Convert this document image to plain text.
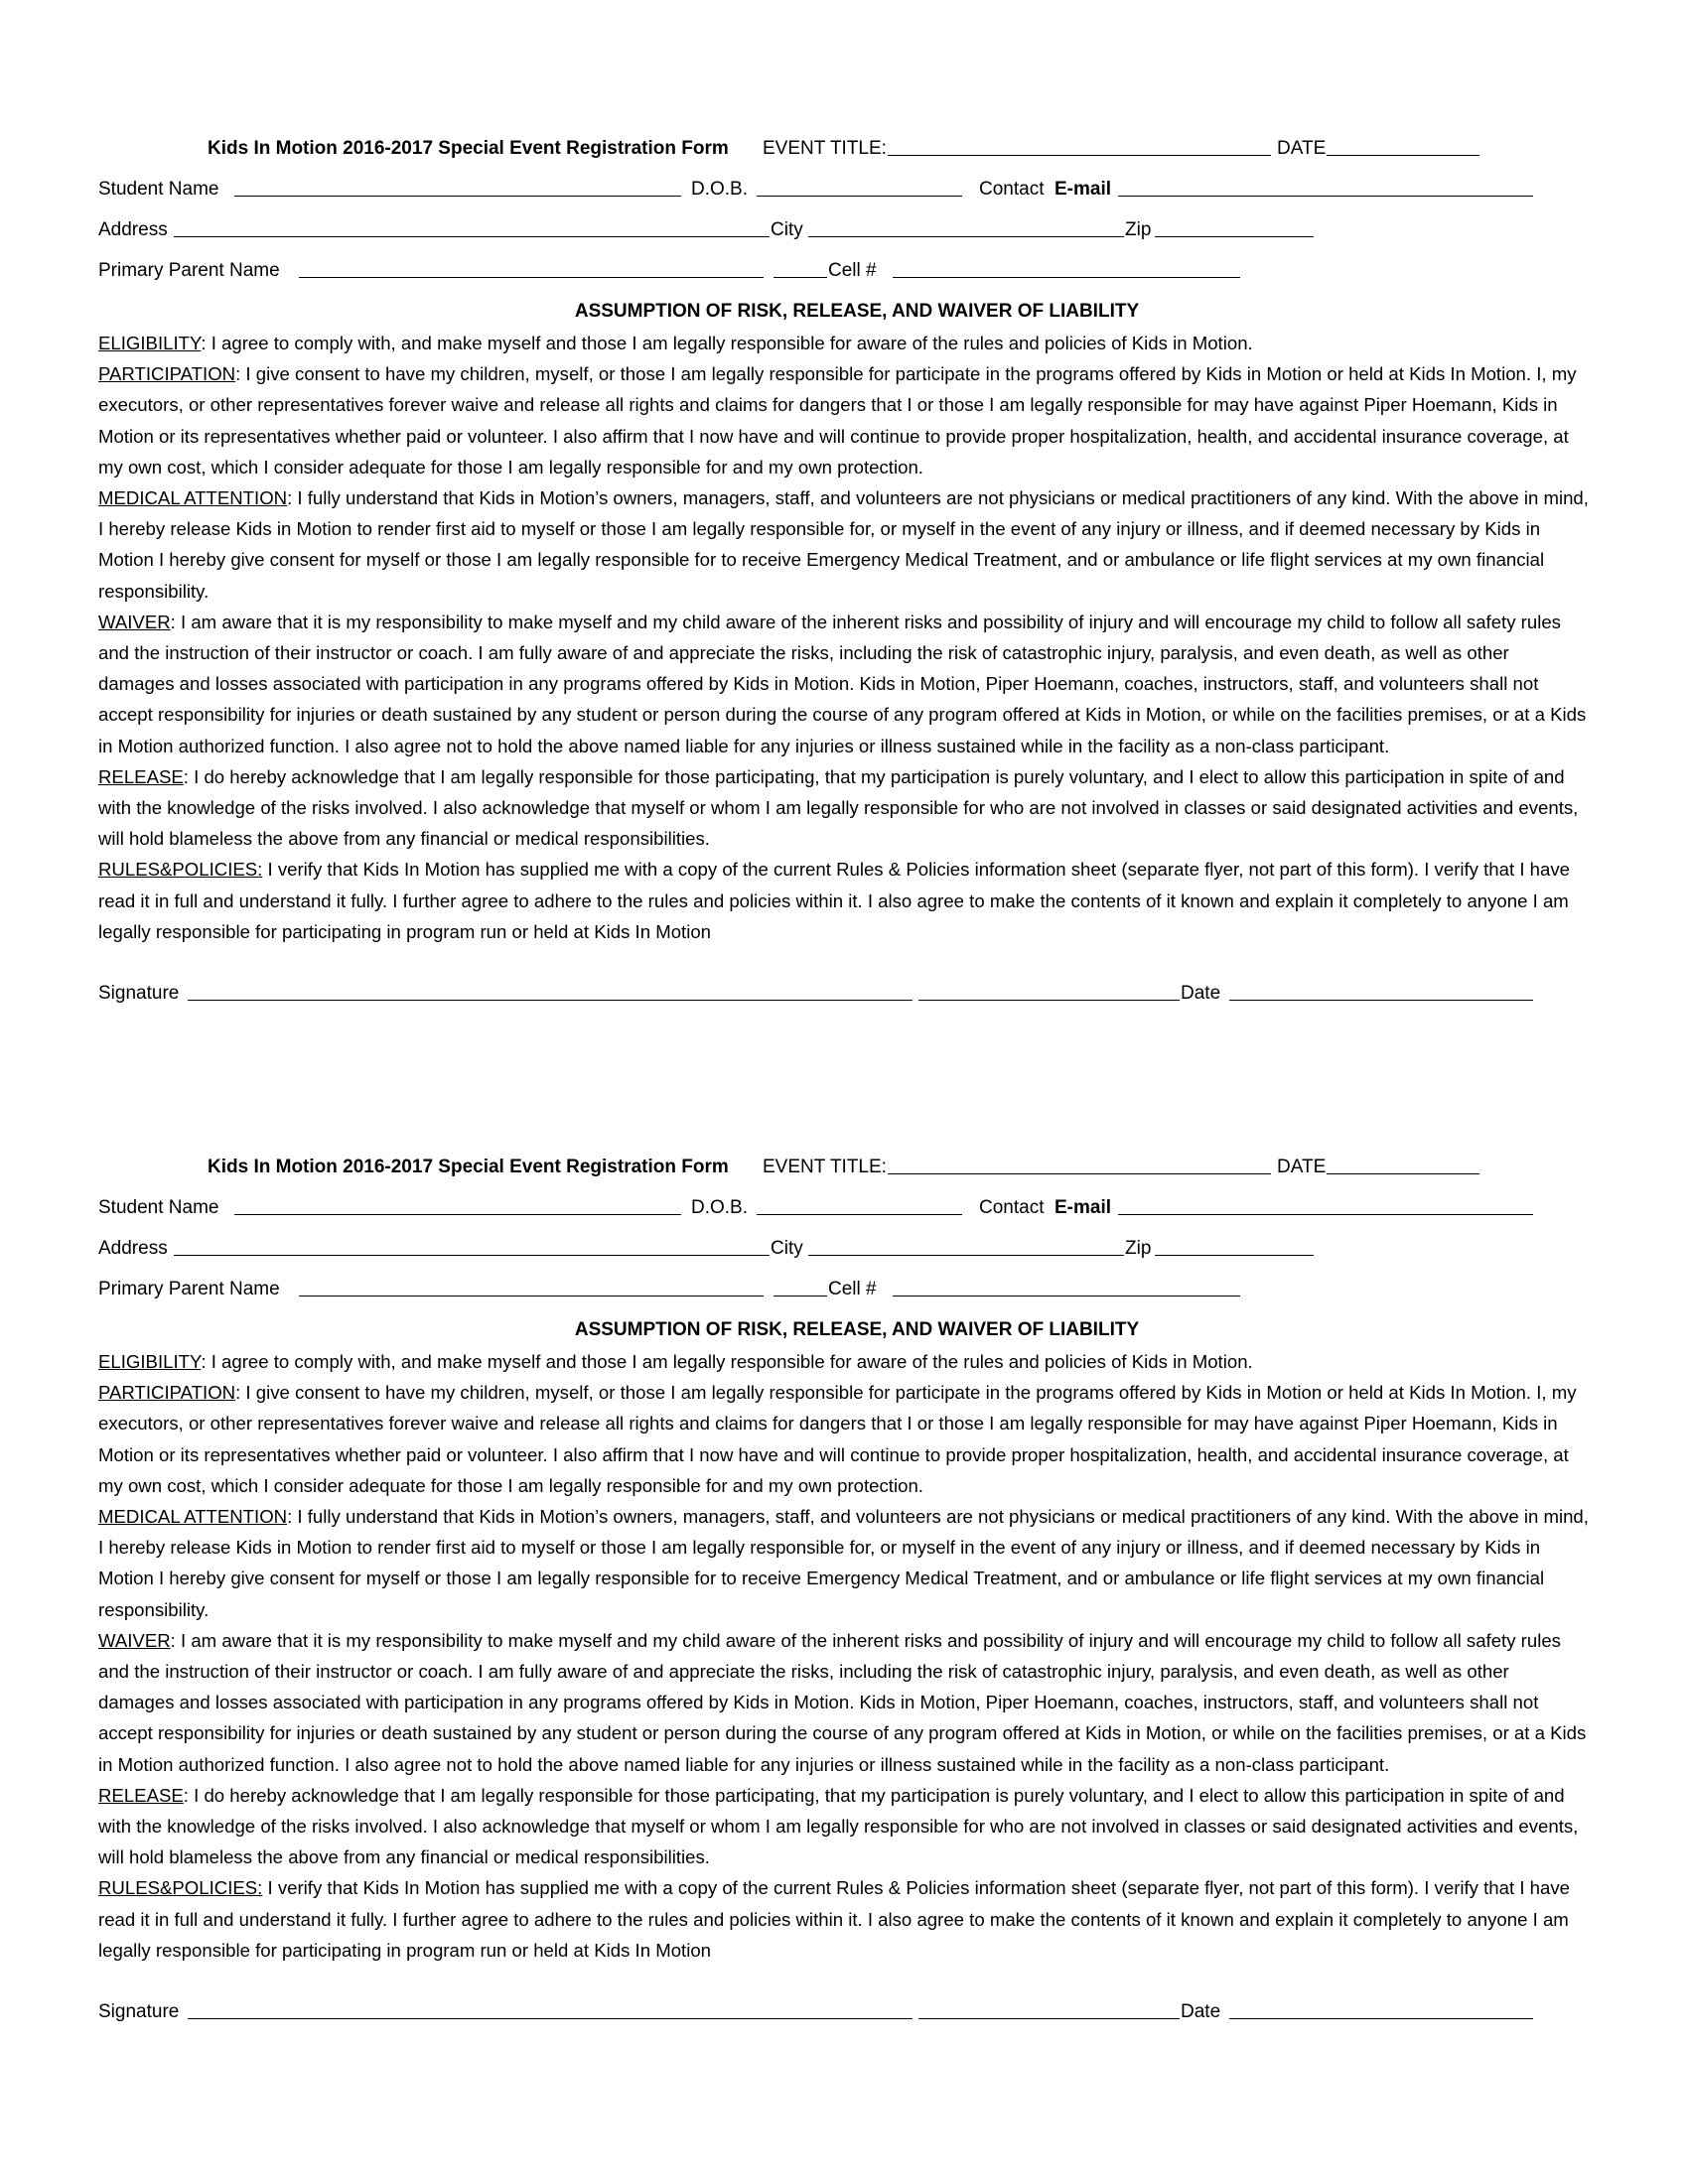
Kids In Motion 2016-2017 Special Event Registration Form EVENT TITLE:	DATE
Student Name	D.O.B.	Contact E-mail
Address	City	Zip
Primary Parent Name	Cell #
ASSUMPTION OF RISK, RELEASE, AND WAIVER OF LIABILITY

ELIGIBILITY: I agree to comply with, and make myself and those I am legally responsible for aware of the rules and policies of Kids in Motion.

PARTICIPATION: I give consent to have my children, myself, or those I am legally responsible for participate in the programs offered by Kids in Motion or held at Kids In Motion. I, my executors, or other representatives forever waive and release all rights and claims for dangers that I or those I am legally responsible for may have against Piper Hoemann, Kids in Motion or its representatives whether paid or volunteer. I also affirm that I now have and will continue to provide proper hospitalization, health, and accidental insurance coverage, at my own cost, which I consider adequate for those I am legally responsible for and my own protection.

MEDICAL ATTENTION: I fully understand that Kids in Motion’s owners, managers, staff, and volunteers are not physicians or medical practitioners of any kind. With the above in mind, I hereby release Kids in Motion to render first aid to myself or those I am legally responsible for, or myself in the event of any injury or illness, and if deemed necessary by Kids in Motion I hereby give consent for myself or those I am legally responsible for to receive Emergency Medical Treatment, and or ambulance or life flight services at my own financial responsibility.

WAIVER: I am aware that it is my responsibility to make myself and my child aware of the inherent risks and possibility of injury and will encourage my child to follow all safety rules and the instruction of their instructor or coach. I am fully aware of and appreciate the risks, including the risk of catastrophic injury, paralysis, and even death, as well as other damages and losses associated with participation in any programs offered by Kids in Motion. Kids in Motion, Piper Hoemann, coaches, instructors, staff, and volunteers shall not accept responsibility for injuries or death sustained by any student or person during the course of any program offered at Kids in Motion, or while on the facilities premises, or at a Kids in Motion authorized function. I also agree not to hold the above named liable for any injuries or illness sustained while in the facility as a non-class participant.

RELEASE: I do hereby acknowledge that I am legally responsible for those participating, that my participation is purely voluntary, and I elect to allow this participation in spite of and with the knowledge of the risks involved. I also acknowledge that myself or whom I am legally responsible for who are not involved in classes or said designated activities and events, will hold blameless the above from any financial or medical responsibilities.

RULES&POLICIES: I verify that Kids In Motion has supplied me with a copy of the current Rules & Policies information sheet (separate flyer, not part of this form). I verify that I have read it in full and understand it fully. I further agree to adhere to the rules and policies within it. I also agree to make the contents of it known and explain it completely to anyone I am legally responsible for participating in program run or held at Kids In Motion

Signature	Date
Kids In Motion 2016-2017 Special Event Registration Form EVENT TITLE:	DATE
Student Name	D.O.B.	Contact E-mail
Address	City	Zip
Primary Parent Name	Cell #
ASSUMPTION OF RISK, RELEASE, AND WAIVER OF LIABILITY

ELIGIBILITY: I agree to comply with, and make myself and those I am legally responsible for aware of the rules and policies of Kids in Motion.

PARTICIPATION: I give consent to have my children, myself, or those I am legally responsible for participate in the programs offered by Kids in Motion or held at Kids In Motion. I, my executors, or other representatives forever waive and release all rights and claims for dangers that I or those I am legally responsible for may have against Piper Hoemann, Kids in Motion or its representatives whether paid or volunteer. I also affirm that I now have and will continue to provide proper hospitalization, health, and accidental insurance coverage, at my own cost, which I consider adequate for those I am legally responsible for and my own protection.

MEDICAL ATTENTION: I fully understand that Kids in Motion’s owners, managers, staff, and volunteers are not physicians or medical practitioners of any kind. With the above in mind, I hereby release Kids in Motion to render first aid to myself or those I am legally responsible for, or myself in the event of any injury or illness, and if deemed necessary by Kids in Motion I hereby give consent for myself or those I am legally responsible for to receive Emergency Medical Treatment, and or ambulance or life flight services at my own financial responsibility.

WAIVER: I am aware that it is my responsibility to make myself and my child aware of the inherent risks and possibility of injury and will encourage my child to follow all safety rules and the instruction of their instructor or coach. I am fully aware of and appreciate the risks, including the risk of catastrophic injury, paralysis, and even death, as well as other damages and losses associated with participation in any programs offered by Kids in Motion. Kids in Motion, Piper Hoemann, coaches, instructors, staff, and volunteers shall not accept responsibility for injuries or death sustained by any student or person during the course of any program offered at Kids in Motion, or while on the facilities premises, or at a Kids in Motion authorized function. I also agree not to hold the above named liable for any injuries or illness sustained while in the facility as a non-class participant.

RELEASE: I do hereby acknowledge that I am legally responsible for those participating, that my participation is purely voluntary, and I elect to allow this participation in spite of and with the knowledge of the risks involved. I also acknowledge that myself or whom I am legally responsible for who are not involved in classes or said designated activities and events, will hold blameless the above from any financial or medical responsibilities.

RULES&POLICIES: I verify that Kids In Motion has supplied me with a copy of the current Rules & Policies information sheet (separate flyer, not part of this form). I verify that I have read it in full and understand it fully. I further agree to adhere to the rules and policies within it. I also agree to make the contents of it known and explain it completely to anyone I am legally responsible for participating in program run or held at Kids In Motion

Signature	Date
